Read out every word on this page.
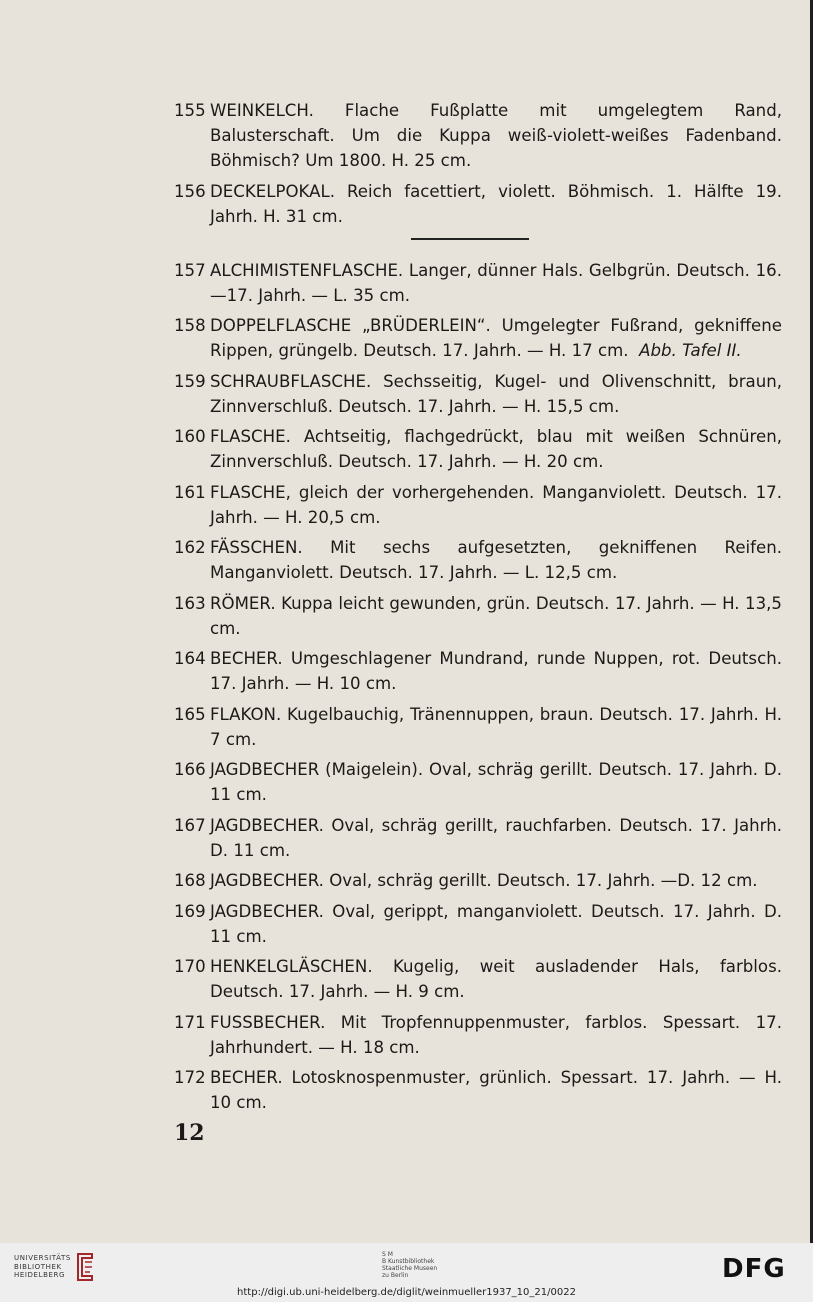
155 WEINKELCH. Flache Fußplatte mit umgelegtem Rand, Balusterschaft. Um die Kuppa weiß-violett-weißes Fadenband. Böhmisch? Um 1800. H. 25 cm.
156 DECKELPOKAL. Reich facettiert, violett. Böhmisch. 1. Hälfte 19. Jahrh. H. 31 cm.
157 ALCHIMISTENFLASCHE. Langer, dünner Hals. Gelbgrün. Deutsch. 16.—17. Jahrh. — L. 35 cm.
158 DOPPELFLASCHE „BRÜDERLEIN“. Umgelegter Fußrand, gekniffene Rippen, grüngelb. Deutsch. 17. Jahrh. — H. 17 cm. Abb. Tafel II.
159 SCHRAUBFLASCHE. Sechsseitig, Kugel- und Olivenschnitt, braun, Zinnverschluß. Deutsch. 17. Jahrh. — H. 15,5 cm.
160 FLASCHE. Achtseitig, flachgedrückt, blau mit weißen Schnüren, Zinnverschluß. Deutsch. 17. Jahrh. — H. 20 cm.
161 FLASCHE, gleich der vorhergehenden. Manganviolett. Deutsch. 17. Jahrh. — H. 20,5 cm.
162 FÄSSCHEN. Mit sechs aufgesetzten, gekniffenen Reifen. Manganviolett. Deutsch. 17. Jahrh. — L. 12,5 cm.
163 RÖMER. Kuppa leicht gewunden, grün. Deutsch. 17. Jahrh. — H. 13,5 cm.
164 BECHER. Umgeschlagener Mundrand, runde Nuppen, rot. Deutsch. 17. Jahrh. — H. 10 cm.
165 FLAKON. Kugelbauchig, Tränennuppen, braun. Deutsch. 17. Jahrh. H. 7 cm.
166 JAGDBECHER (Maigelein). Oval, schräg gerillt. Deutsch. 17. Jahrh. D. 11 cm.
167 JAGDBECHER. Oval, schräg gerillt, rauchfarben. Deutsch. 17. Jahrh. D. 11 cm.
168 JAGDBECHER. Oval, schräg gerillt. Deutsch. 17. Jahrh. —D. 12 cm.
169 JAGDBECHER. Oval, gerippt, manganviolett. Deutsch. 17. Jahrh. D. 11 cm.
170 HENKELGLÄSCHEN. Kugelig, weit ausladender Hals, farblos. Deutsch. 17. Jahrh. — H. 9 cm.
171 FUSSBECHER. Mit Tropfennuppenmuster, farblos. Spessart. 17. Jahrhundert. — H. 18 cm.
172 BECHER. Lotosknospenmuster, grünlich. Spessart. 17. Jahrh. — H. 10 cm.
12
UNIVERSITÄTS
BIBLIOTHEK
HEIDELBERG
S M
B Kunstbibliothek
Staatliche Museen
zu Berlin	DFG
http://digi.ub.uni-heidelberg.de/diglit/weinmueller1937_10_21/0022
